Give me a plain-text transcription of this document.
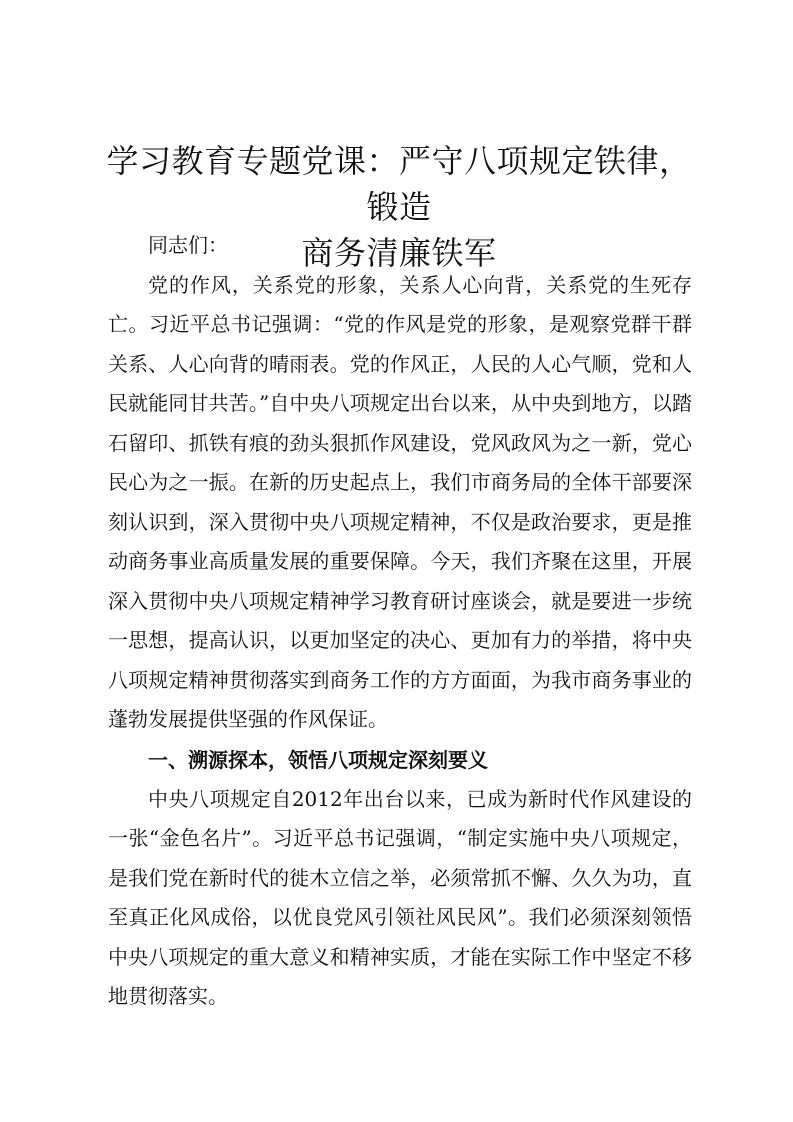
学习教育专题党课：严守八项规定铁律，锻造
商务清廉铁军

同志们：

党的作风，关系党的形象，关系人心向背，关系党的生死存亡。习近平总书记强调：“党的作风是党的形象，是观察党群干群关系、人心向背的晴雨表。党的作风正，人民的人心气顺，党和人民就能同甘共苦。”自中央八项规定出台以来，从中央到地方，以踏石留印、抓铁有痕的劲头狠抓作风建设，党风政风为之一新，党心民心为之一振。在新的历史起点上，我们市商务局的全体干部要深刻认识到，深入贯彻中央八项规定精神，不仅是政治要求，更是推动商务事业高质量发展的重要保障。今天，我们齐聚在这里，开展深入贯彻中央八项规定精神学习教育研讨座谈会，就是要进一步统一思想，提高认识，以更加坚定的决心、更加有力的举措，将中央八项规定精神贯彻落实到商务工作的方方面面，为我市商务事业的蓬勃发展提供坚强的作风保证。

一、溯源探本，领悟八项规定深刻要义

中央八项规定自2012年出台以来，已成为新时代作风建设的一张“金色名片”。习近平总书记强调，“制定实施中央八项规定，是我们党在新时代的徙木立信之举，必须常抓不懈、久久为功，直至真正化风成俗，以优良党风引领社风民风”。我们必须深刻领悟中央八项规定的重大意义和精神实质，才能在实际工作中坚定不移地贯彻落实。
